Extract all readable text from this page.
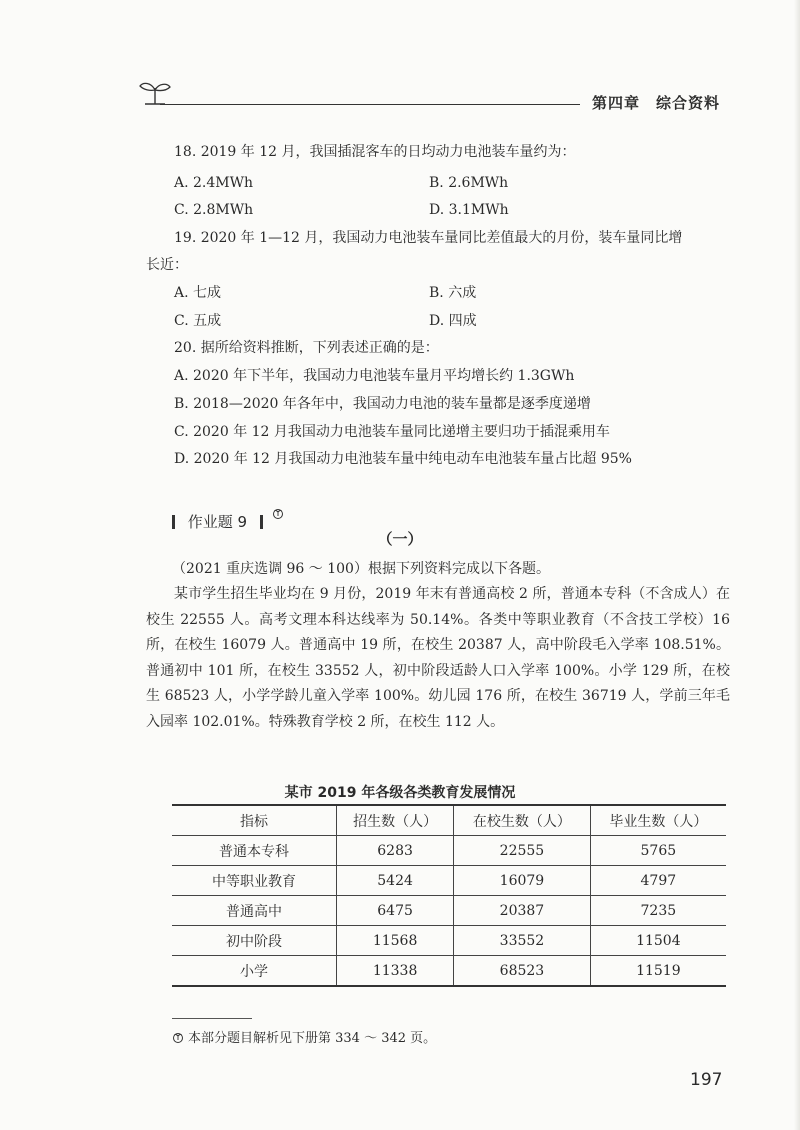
第四章　综合资料
18. 2019 年 12 月，我国插混客车的日均动力电池装车量约为：
A. 2.4MWh	B. 2.6MWh
C. 2.8MWh	D. 3.1MWh
19. 2020 年 1—12 月，我国动力电池装车量同比差值最大的月份，装车量同比增
长近：
A. 七成	B. 六成
C. 五成	D. 四成
20. 据所给资料推断，下列表述正确的是：
A. 2020 年下半年，我国动力电池装车量月平均增长约 1.3GWh
B. 2018—2020 年各年中，我国动力电池的装车量都是逐季度递增
C. 2020 年 12 月我国动力电池装车量同比递增主要归功于插混乘用车
D. 2020 年 12 月我国动力电池装车量中纯电动车电池装车量占比超 95%
作业题 9
（一）
（2021 重庆选调 96 ～ 100）根据下列资料完成以下各题。
某市学生招生毕业均在 9 月份，2019 年末有普通高校 2 所，普通本专科（不含成人）在校生 22555 人。高考文理本科达线率为 50.14%。各类中等职业教育（不含技工学校）16 所，在校生 16079 人。普通高中 19 所，在校生 20387 人，高中阶段毛入学率 108.51%。普通初中 101 所，在校生 33552 人，初中阶段适龄人口入学率 100%。小学 129 所，在校生 68523 人，小学学龄儿童入学率 100%。幼儿园 176 所，在校生 36719 人，学前三年毛入园率 102.01%。特殊教育学校 2 所，在校生 112 人。
某市 2019 年各级各类教育发展情况
指标	招生数（人）	在校生数（人）	毕业生数（人）
普通本专科	6283	22555	5765
中等职业教育	5424	16079	4797
普通高中	6475	20387	7235
初中阶段	11568	33552	11504
小学	11338	68523	11519
本部分题目解析见下册第 334 ～ 342 页。
197
